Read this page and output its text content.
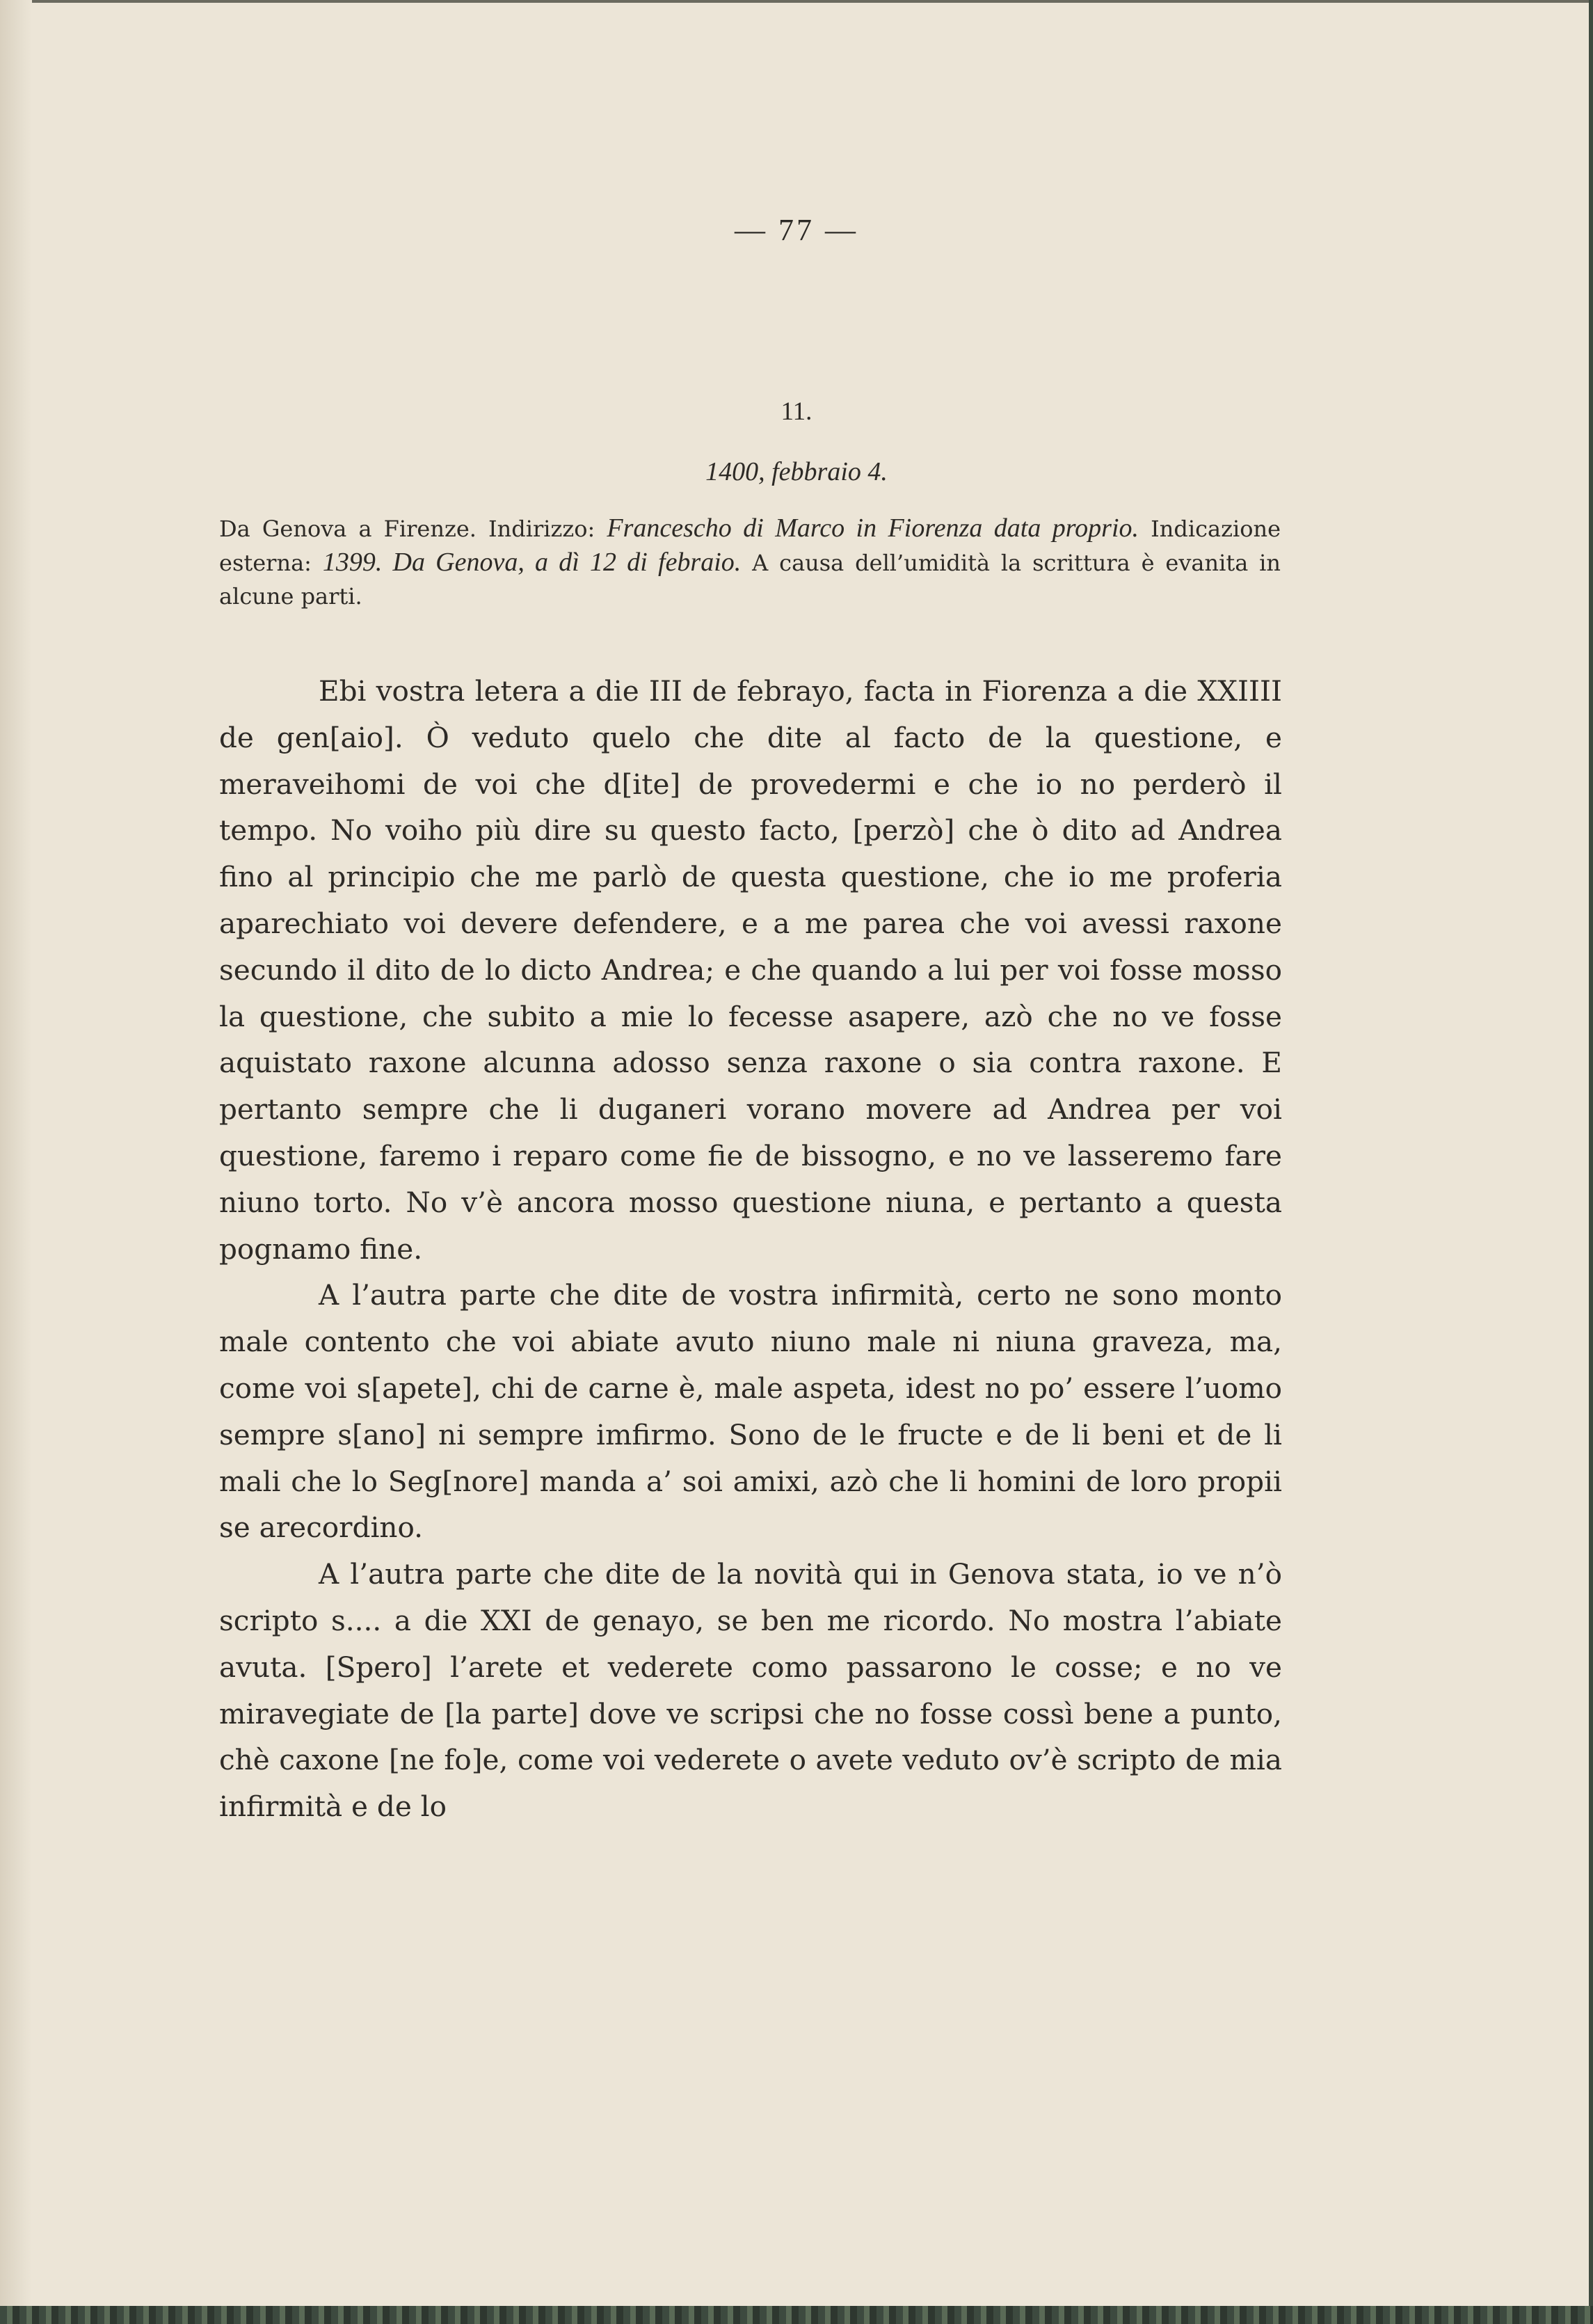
— 77 —
11.
1400, febbraio 4.
Da Genova a Firenze. Indirizzo: Francescho di Marco in Fiorenza data proprio. Indicazione esterna: 1399. Da Genova, a dì 12 di febraio. A causa dell’umidità la scrittura è evanita in alcune parti.

Ebi vostra letera a die III de febrayo, facta in Fiorenza a die XXIIII de gen[aio]. Ò veduto quelo che dite al facto de la questione, e meraveihomi de voi che d[ite] de provedermi e che io no perderò il tempo. No voiho più dire su questo facto, [perzò] che ò dito ad Andrea fino al principio che me parlò de questa questione, che io me proferia aparechiato voi devere defendere, e a me parea che voi avessi raxone secundo il dito de lo dicto Andrea; e che quando a lui per voi fosse mosso la questione, che subito a mie lo fecesse asapere, azò che no ve fosse aquistato raxone alcunna adosso senza raxone o sia contra raxone. E pertanto sempre che li duganeri vorano movere ad Andrea per voi questione, faremo i reparo come fie de bissogno, e no ve lasseremo fare niuno torto. No v’è ancora mosso questione niuna, e pertanto a questa pognamo fine.

A l’autra parte che dite de vostra infirmità, certo ne sono monto male contento che voi abiate avuto niuno male ni niuna graveza, ma, come voi s[apete], chi de carne è, male aspeta, idest no po’ essere l’uomo sempre s[ano] ni sempre imfirmo. Sono de le fructe e de li beni et de li mali che lo Seg[nore] manda a’ soi amixi, azò che li homini de loro propii se arecordino.

A l’autra parte che dite de la novità qui in Genova stata, io ve n’ò scripto s.... a die XXI de genayo, se ben me ricordo. No mostra l’abiate avuta. [Spero] l’arete et vederete como passarono le cosse; e no ve miravegiate de [la parte] dove ve scripsi che no fosse cossì bene a punto, chè caxone [ne fo]e, come voi vederete o avete veduto ov’è scripto de mia infirmità e de lo
